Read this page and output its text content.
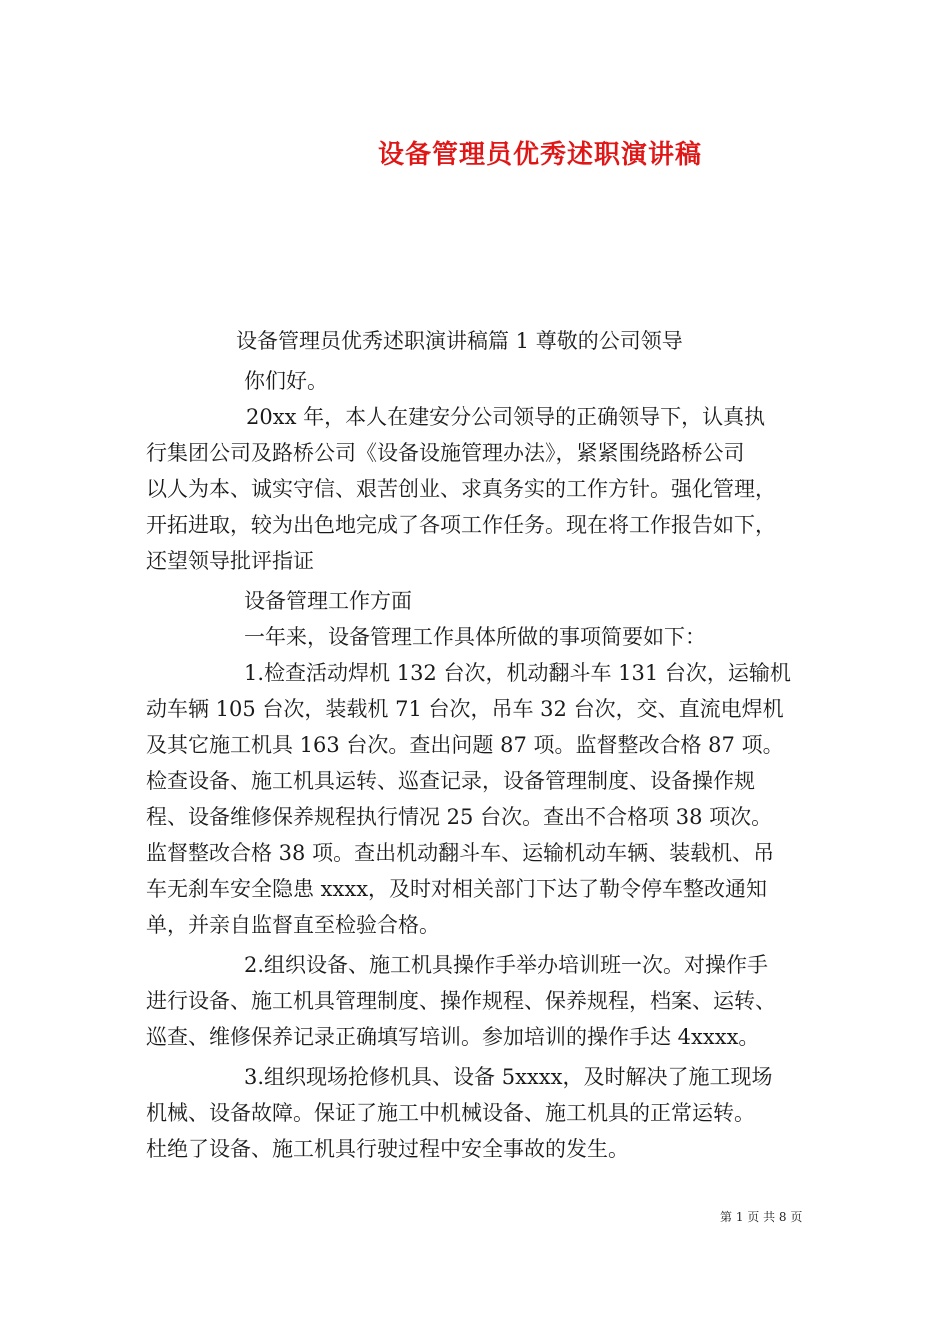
设备管理员优秀述职演讲稿
设备管理员优秀述职演讲稿篇 1 尊敬的公司领导
你们好。
20xx 年，本人在建安分公司领导的正确领导下，认真执
行集团公司及路桥公司《设备设施管理办法》，紧紧围绕路桥公司
以人为本、诚实守信、艰苦创业、求真务实的工作方针。强化管理，
开拓进取，较为出色地完成了各项工作任务。现在将工作报告如下，
还望领导批评指证
设备管理工作方面
一年来，设备管理工作具体所做的事项简要如下：
1.检查活动焊机 132 台次，机动翻斗车 131 台次，运输机
动车辆 105 台次，装载机 71 台次，吊车 32 台次，交、直流电焊机
及其它施工机具 163 台次。查出问题 87 项。监督整改合格 87 项。
检查设备、施工机具运转、巡查记录，设备管理制度、设备操作规
程、设备维修保养规程执行情况 25 台次。查出不合格项 38 项次。
监督整改合格 38 项。查出机动翻斗车、运输机动车辆、装载机、吊
车无刹车安全隐患 xxxx，及时对相关部门下达了勒令停车整改通知
单，并亲自监督直至检验合格。
2.组织设备、施工机具操作手举办培训班一次。对操作手
进行设备、施工机具管理制度、操作规程、保养规程，档案、运转、
巡查、维修保养记录正确填写培训。参加培训的操作手达 4xxxx。
3.组织现场抢修机具、设备 5xxxx，及时解决了施工现场
机械、设备故障。保证了施工中机械设备、施工机具的正常运转。
杜绝了设备、施工机具行驶过程中安全事故的发生。
第 1 页 共 8 页
